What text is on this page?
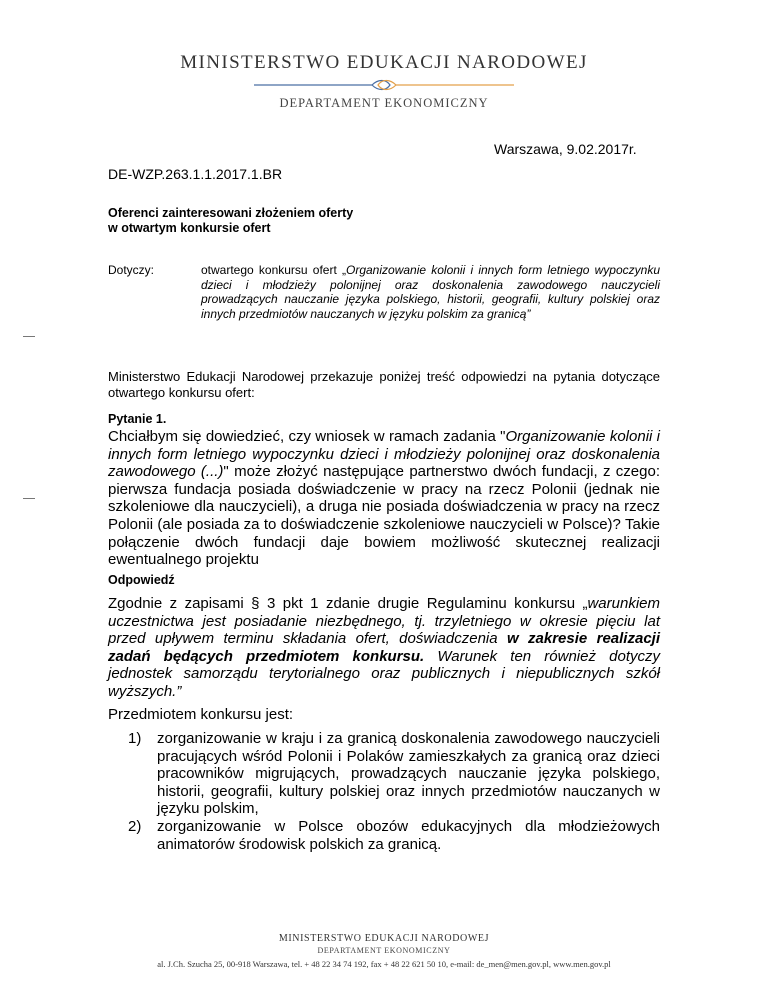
MINISTERSTWO EDUKACJI NARODOWEJ
DEPARTAMENT EKONOMICZNY
Warszawa, 9.02.2017r.
DE-WZP.263.1.1.2017.1.BR
Oferenci zainteresowani złożeniem oferty
w otwartym konkursie ofert
Dotyczy:	otwartego konkursu ofert „Organizowanie kolonii i innych form letniego wypoczynku dzieci i młodzieży polonijnej oraz doskonalenia zawodowego nauczycieli prowadzących nauczanie języka polskiego, historii, geografii, kultury polskiej oraz innych przedmiotów nauczanych w języku polskim za granicą”
Ministerstwo Edukacji Narodowej przekazuje poniżej treść odpowiedzi na pytania dotyczące otwartego konkursu ofert:
Pytanie 1.
Chciałbym się dowiedzieć, czy wniosek w ramach zadania "Organizowanie kolonii i innych form letniego wypoczynku dzieci i młodzieży polonijnej oraz doskonalenia zawodowego (...)" może złożyć następujące partnerstwo dwóch fundacji, z czego: pierwsza fundacja posiada doświadczenie w pracy na rzecz Polonii (jednak nie szkoleniowe dla nauczycieli), a druga nie posiada doświadczenia w pracy na rzecz Polonii (ale posiada za to doświadczenie szkoleniowe nauczycieli w Polsce)? Takie połączenie dwóch fundacji daje bowiem możliwość skutecznej realizacji ewentualnego projektu
Odpowiedź
Zgodnie z zapisami § 3 pkt 1 zdanie drugie Regulaminu konkursu „warunkiem uczestnictwa jest posiadanie niezbędnego, tj. trzyletniego w okresie pięciu lat przed upływem terminu składania ofert, doświadczenia w zakresie realizacji zadań będących przedmiotem konkursu. Warunek ten również dotyczy jednostek samorządu terytorialnego oraz publicznych i niepublicznych szkół wyższych.”
Przedmiotem konkursu jest:
1)	zorganizowanie w kraju i za granicą doskonalenia zawodowego nauczycieli pracujących wśród Polonii i Polaków zamieszkałych za granicą oraz dzieci pracowników migrujących, prowadzących nauczanie języka polskiego, historii, geografii, kultury polskiej oraz innych przedmiotów nauczanych w języku polskim,
2)	zorganizowanie w Polsce obozów edukacyjnych dla młodzieżowych animatorów środowisk polskich za granicą.
MINISTERSTWO EDUKACJI NARODOWEJ
DEPARTAMENT EKONOMICZNY
al. J.Ch. Szucha 25, 00-918 Warszawa, tel. + 48 22 34 74 192, fax + 48 22 621 50 10, e-mail: de_men@men.gov.pl, www.men.gov.pl
